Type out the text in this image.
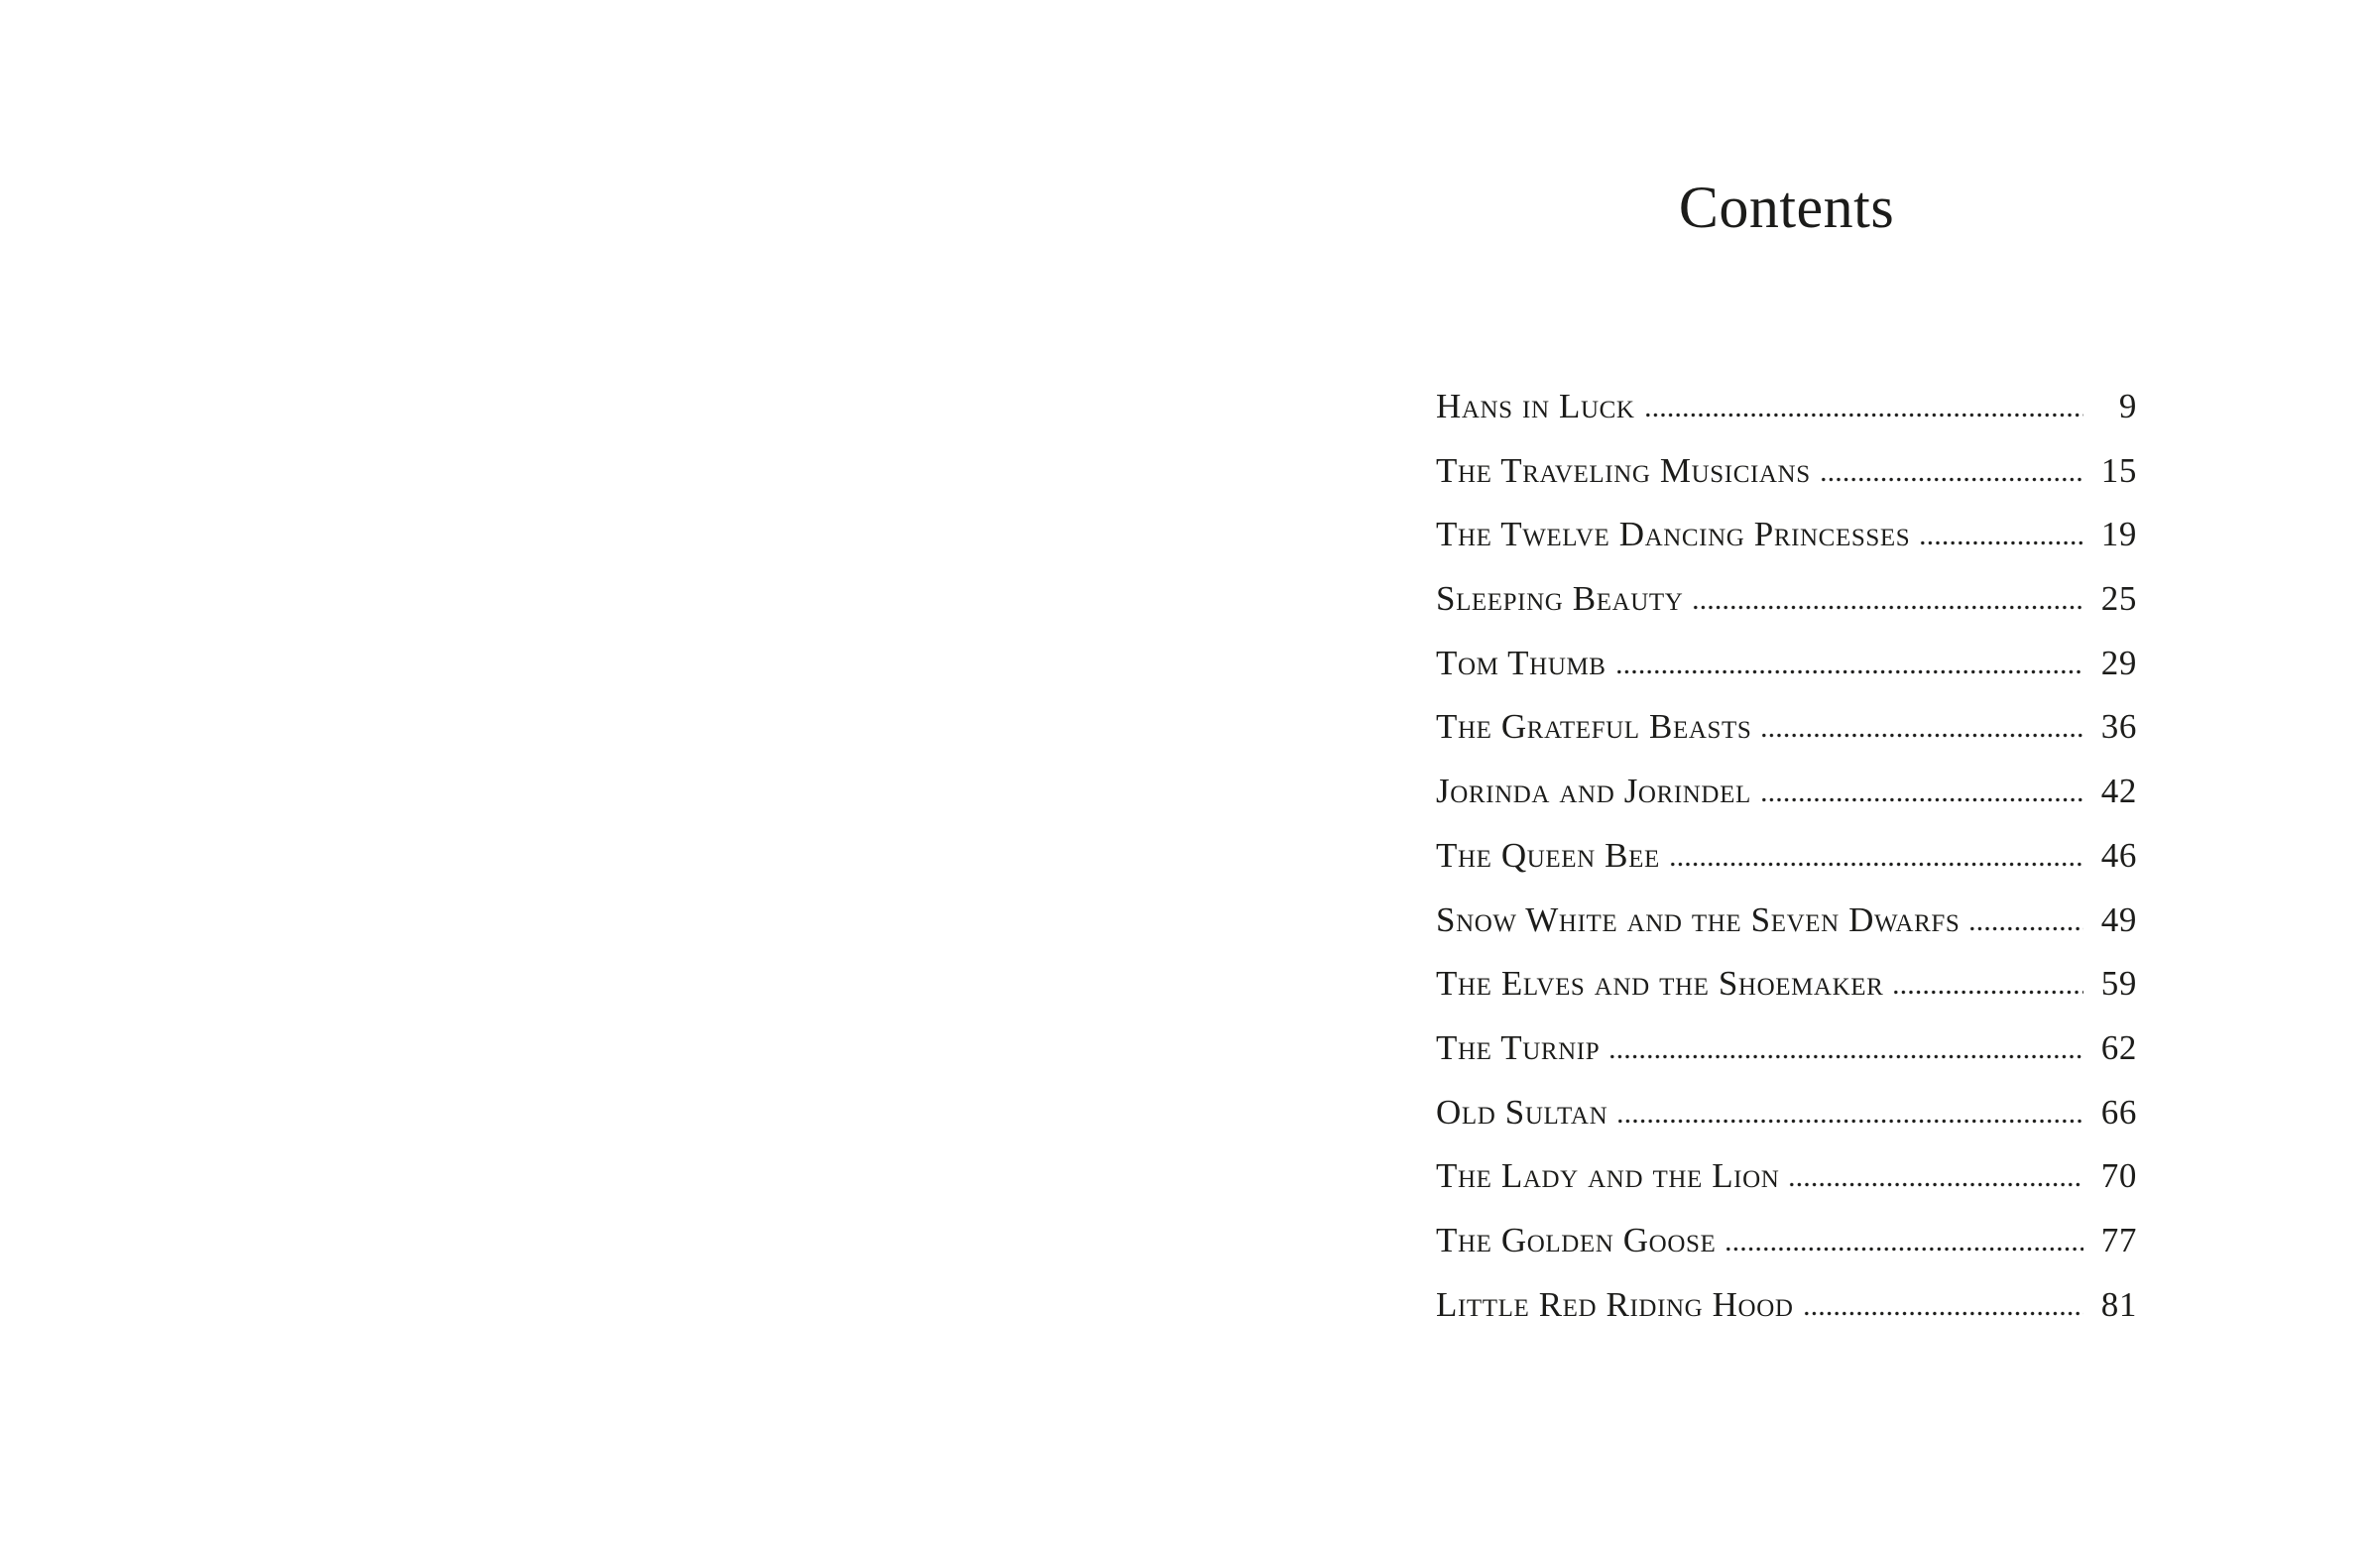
Contents
Hans in Luck	9
The Traveling Musicians	15
The Twelve Dancing Princesses	19
Sleeping Beauty	25
Tom Thumb	29
The Grateful Beasts	36
Jorinda and Jorindel	42
The Queen Bee	46
Snow White and the Seven Dwarfs	49
The Elves and the Shoemaker	59
The Turnip	62
Old Sultan	66
The Lady and the Lion	70
The Golden Goose	77
Little Red Riding Hood	81
